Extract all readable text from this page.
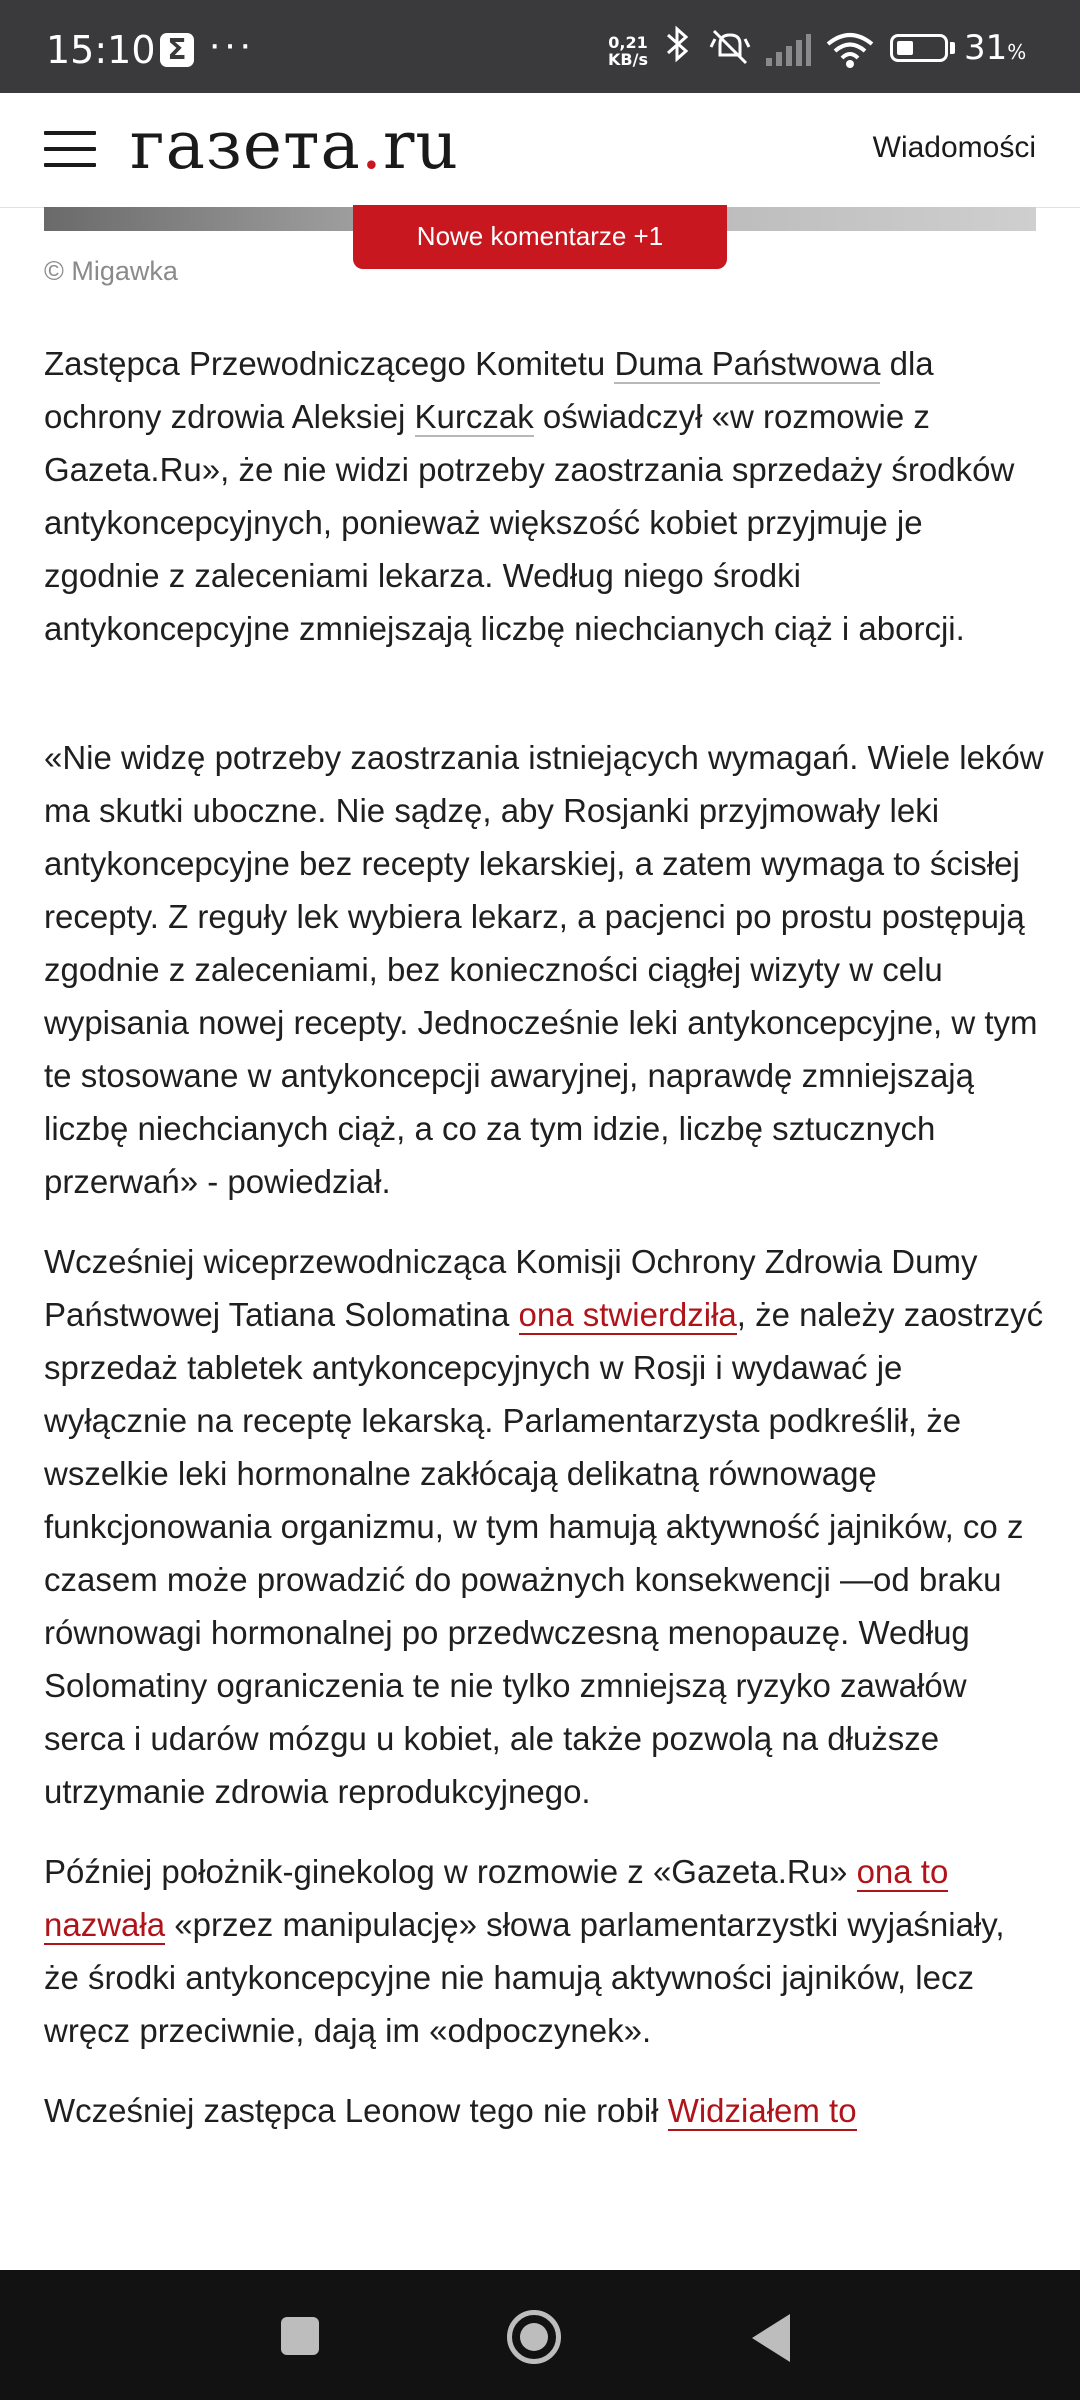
15:10 Σ ···	0,21
KB/s	31%
газета.ru	Wiadomości
Nowe komentarze +1
© Migawka

Zastępca Przewodniczącego Komitetu Duma Państwowa dla ochrony zdrowia Aleksiej Kurczak oświadczył «w rozmowie z Gazeta.Ru», że nie widzi potrzeby zaostrzania sprzedaży środków antykoncepcyjnych, ponieważ większość kobiet przyjmuje je zgodnie z zaleceniami lekarza. Według niego środki antykoncepcyjne zmniejszają liczbę niechcianych ciąż i aborcji.

«Nie widzę potrzeby zaostrzania istniejących wymagań. Wiele leków ma skutki uboczne. Nie sądzę, aby Rosjanki przyjmowały leki antykoncepcyjne bez recepty lekarskiej, a zatem wymaga to ścisłej recepty. Z reguły lek wybiera lekarz, a pacjenci po prostu postępują zgodnie z zaleceniami, bez konieczności ciągłej wizyty w celu wypisania nowej recepty. Jednocześnie leki antykoncepcyjne, w tym te stosowane w antykoncepcji awaryjnej, naprawdę zmniejszają liczbę niechcianych ciąż, a co za tym idzie, liczbę sztucznych przerwań» - powiedział.

Wcześniej wiceprzewodnicząca Komisji Ochrony Zdrowia Dumy Państwowej Tatiana Solomatina ona stwierdziła, że należy zaostrzyć sprzedaż tabletek antykoncepcyjnych w Rosji i wydawać je wyłącznie na receptę lekarską. Parlamentarzysta podkreślił, że wszelkie leki hormonalne zakłócają delikatną równowagę funkcjonowania organizmu, w tym hamują aktywność jajników, co z czasem może prowadzić do poważnych konsekwencji —od braku równowagi hormonalnej po przedwczesną menopauzę. Według Solomatiny ograniczenia te nie tylko zmniejszą ryzyko zawałów serca i udarów mózgu u kobiet, ale także pozwolą na dłuższe utrzymanie zdrowia reprodukcyjnego.

Później położnik-ginekolog w rozmowie z «Gazeta.Ru» ona to nazwała «przez manipulację» słowa parlamentarzystki wyjaśniały, że środki antykoncepcyjne nie hamują aktywności jajników, lecz wręcz przeciwnie, dają im «odpoczynek».

Wcześniej zastępca Leonow tego nie robił Widziałem to
